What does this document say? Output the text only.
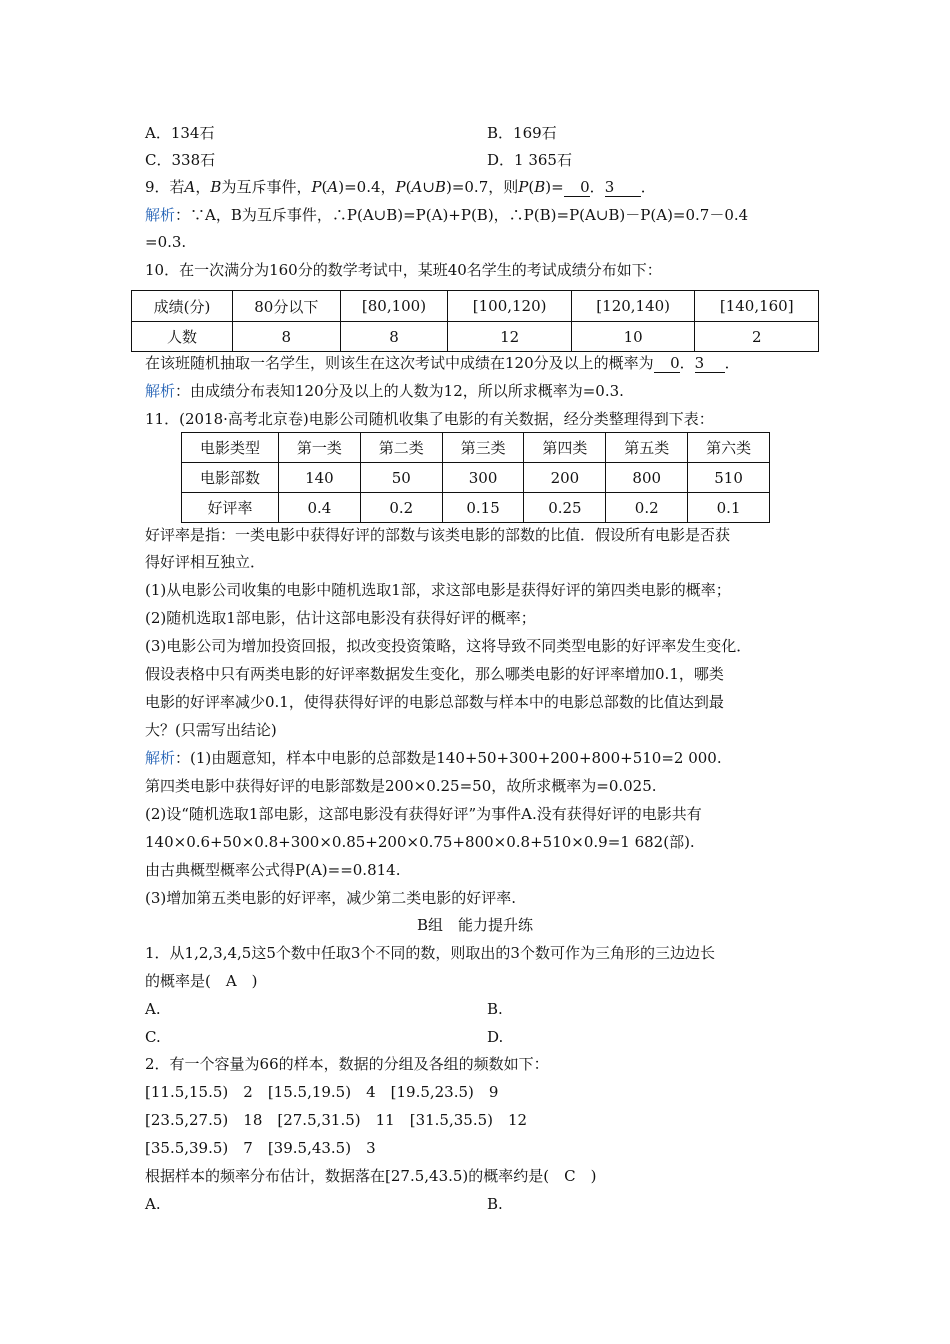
A．134石	B．169石
C．338石	D．1 365石
9．若A，B为互斥事件，P(A)=0.4，P(A∪B)=0.7，则P(B)= 0．3 ．
解析：∵A，B为互斥事件，∴P(A∪B)=P(A)+P(B)，∴P(B)=P(A∪B)－P(A)=0.7－0.4
=0.3.
10．在一次满分为160分的数学考试中，某班40名学生的考试成绩分布如下：
成绩(分)	80分以下	[80,100)	[100,120)	[120,140)	[140,160]
人数	8	8	12	10	2
在该班随机抽取一名学生，则该生在这次考试中成绩在120分及以上的概率为 0．3 ．
解析：由成绩分布表知120分及以上的人数为12，所以所求概率为=0.3.
11．(2018·高考北京卷)电影公司随机收集了电影的有关数据，经分类整理得到下表：
电影类型	第一类	第二类	第三类	第四类	第五类	第六类
电影部数	140	50	300	200	800	510
好评率	0.4	0.2	0.15	0.25	0.2	0.1
好评率是指：一类电影中获得好评的部数与该类电影的部数的比值．假设所有电影是否获
得好评相互独立．
(1)从电影公司收集的电影中随机选取1部，求这部电影是获得好评的第四类电影的概率；
(2)随机选取1部电影，估计这部电影没有获得好评的概率；
(3)电影公司为增加投资回报，拟改变投资策略，这将导致不同类型电影的好评率发生变化．
假设表格中只有两类电影的好评率数据发生变化，那么哪类电影的好评率增加0.1，哪类
电影的好评率减少0.1，使得获得好评的电影总部数与样本中的电影总部数的比值达到最
大？(只需写出结论)
解析：(1)由题意知，样本中电影的总部数是140+50+300+200+800+510=2 000.
第四类电影中获得好评的电影部数是200×0.25=50，故所求概率为=0.025.
(2)设“随机选取1部电影，这部电影没有获得好评”为事件A.没有获得好评的电影共有
140×0.6+50×0.8+300×0.85+200×0.75+800×0.8+510×0.9=1 682(部).
由古典概型概率公式得P(A)==0.814.
(3)增加第五类电影的好评率，减少第二类电影的好评率.
B组　能力提升练
1．从1,2,3,4,5这5个数中任取3个不同的数，则取出的3个数可作为三角形的三边边长
的概率是(　A　)
A.	B.
C.	D.
2．有一个容量为66的样本，数据的分组及各组的频数如下：
[11.5,15.5)　2　[15.5,19.5)　4　[19.5,23.5)　9
[23.5,27.5)　18　[27.5,31.5)　11　[31.5,35.5)　12
[35.5,39.5)　7　[39.5,43.5)　3
根据样本的频率分布估计，数据落在[27.5,43.5)的概率约是(　C　)
A.	B.
